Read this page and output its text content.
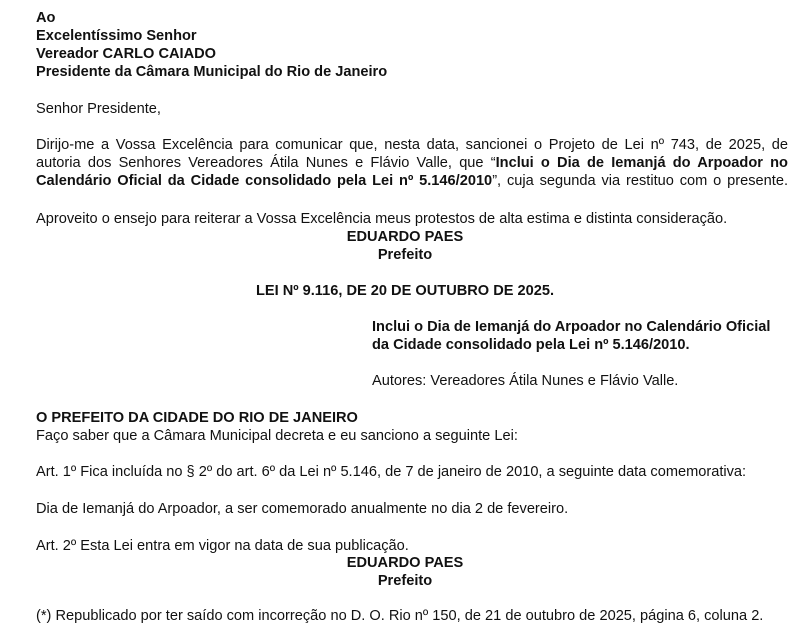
Ao
Excelentíssimo Senhor
Vereador CARLO CAIADO
Presidente da Câmara Municipal do Rio de Janeiro
Senhor Presidente,
Dirijo-me a Vossa Excelência para comunicar que, nesta data, sancionei o Projeto de Lei nº 743, de 2025, de
autoria dos Senhores Vereadores Átila Nunes e Flávio Valle, que “Inclui o Dia de Iemanjá do Arpoador no
Calendário Oficial da Cidade consolidado pela Lei nº 5.146/2010”, cuja segunda via restituo com o presente.
Aproveito o ensejo para reiterar a Vossa Excelência meus protestos de alta estima e distinta consideração.
EDUARDO PAES
Prefeito
LEI Nº 9.116, DE 20 DE OUTUBRO DE 2025.
Inclui o Dia de Iemanjá do Arpoador no Calendário Oficial
da Cidade consolidado pela Lei nº 5.146/2010.
Autores: Vereadores Átila Nunes e Flávio Valle.
O PREFEITO DA CIDADE DO RIO DE JANEIRO
Faço saber que a Câmara Municipal decreta e eu sanciono a seguinte Lei:
Art. 1º Fica incluída no § 2º do art. 6º da Lei nº 5.146, de 7 de janeiro de 2010, a seguinte data comemorativa:
Dia de Iemanjá do Arpoador, a ser comemorado anualmente no dia 2 de fevereiro.
Art. 2º Esta Lei entra em vigor na data de sua publicação.
EDUARDO PAES
Prefeito
(*) Republicado por ter saído com incorreção no D. O. Rio nº 150, de 21 de outubro de 2025, página 6, coluna 2.
